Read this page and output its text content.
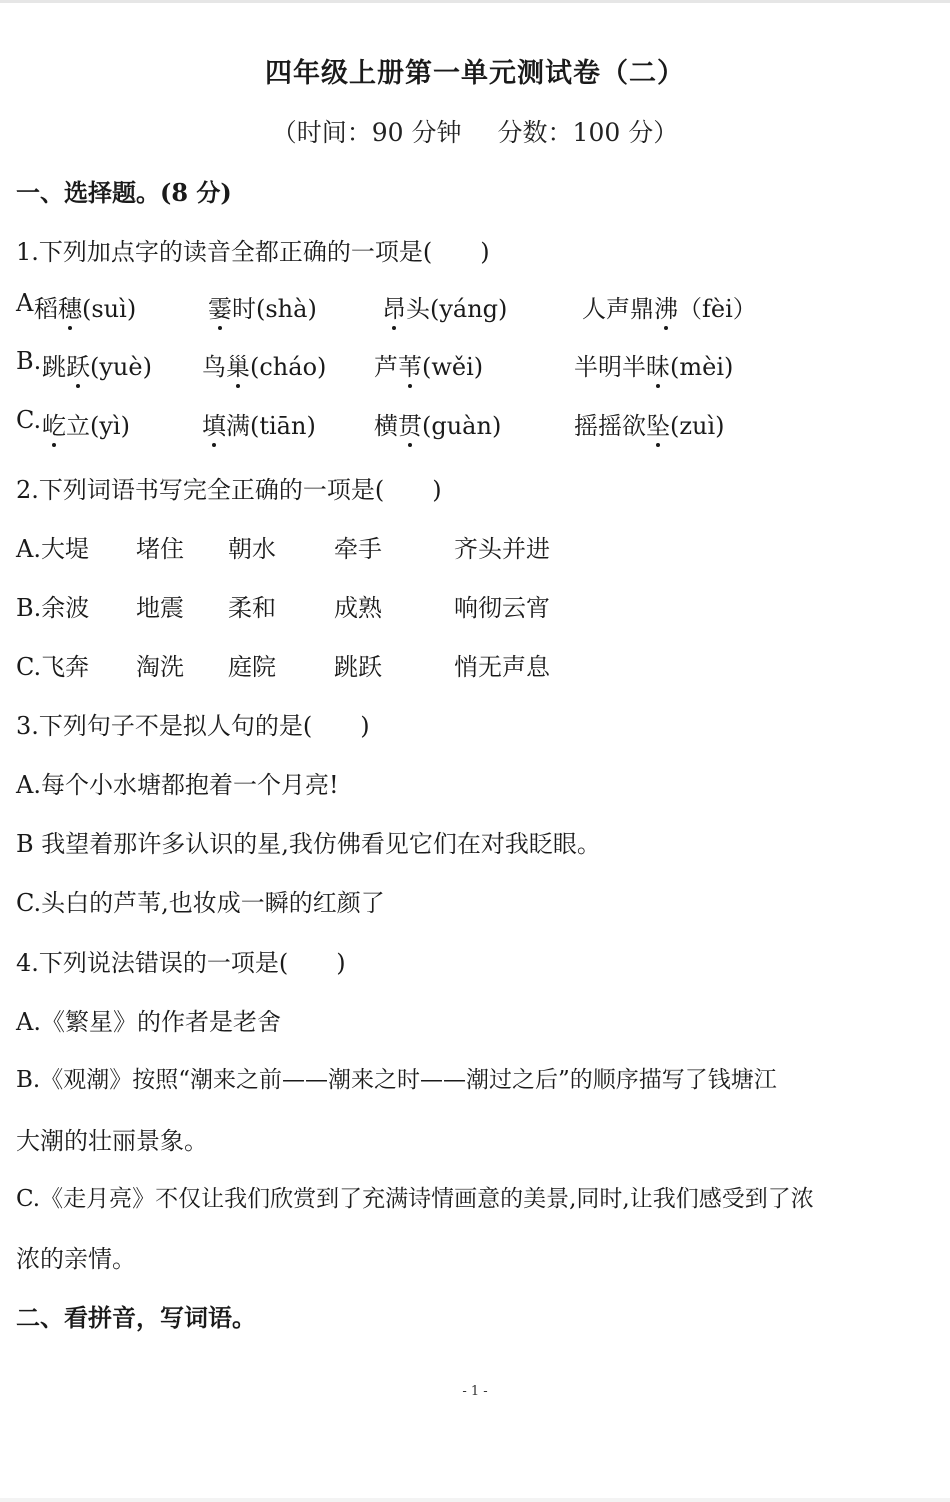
四年级上册第一单元测试卷（二）
（时间：90 分钟 分数：100 分）
一、选择题。(8 分)
1.下列加点字的读音全都正确的一项是(　　)
A 稻穗(suì)	霎时(shà)	昂头(yáng)	人声鼎沸（fèi）
B. 跳跃(yuè) 鸟巢(cháo) 芦苇(wěi)	半明半昧(mèi)
C. 屹立(yì)	填满(tiān) 横贯(guàn)	摇摇欲坠(zuì)
2.下列词语书写完全正确的一项是(　　)
A.大堤 堵住 朝水 牵手	齐头并进
B.余波 地震 柔和 成熟	响彻云宵
C.飞奔 淘洗 庭院 跳跃	悄无声息
3.下列句子不是拟人句的是(　　)
A.每个小水塘都抱着一个月亮!
B 我望着那许多认识的星,我仿佛看见它们在对我眨眼。
C.头白的芦苇,也妆成一瞬的红颜了
4.下列说法错误的一项是(　　)
A.《繁星》的作者是老舍
B.《观潮》按照“潮来之前——潮来之时——潮过之后”的顺序描写了钱塘江
大潮的壮丽景象。
C.《走月亮》不仅让我们欣赏到了充满诗情画意的美景,同时,让我们感受到了浓
浓的亲情。
二、看拼音，写词语。
- 1 -
